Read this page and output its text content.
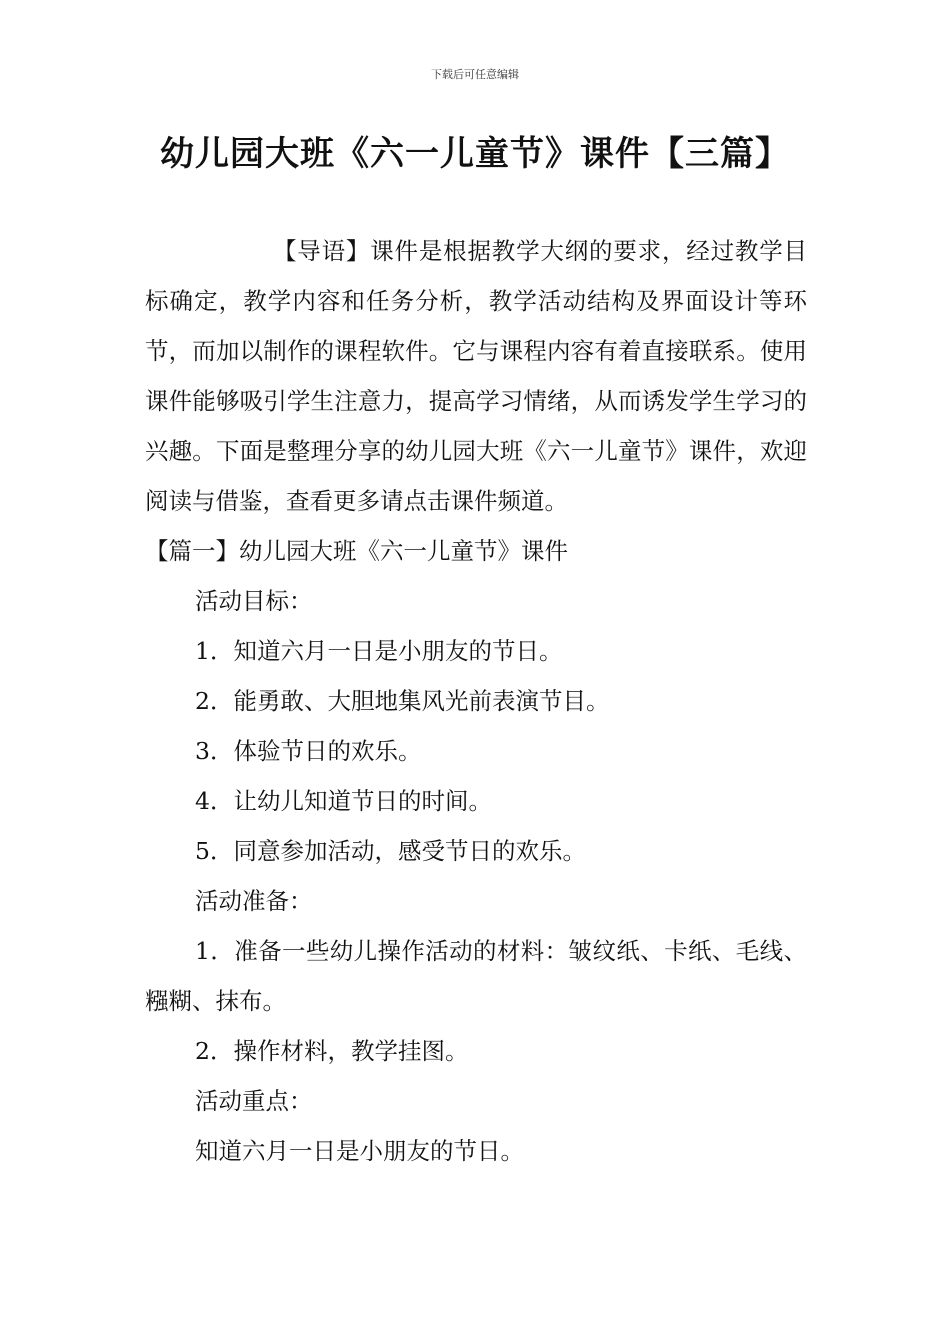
下载后可任意编辑
幼儿园大班《六一儿童节》课件【三篇】

【导语】课件是根据教学大纲的要求，经过教学目标确定，教学内容和任务分析，教学活动结构及界面设计等环节，而加以制作的课程软件。它与课程内容有着直接联系。使用课件能够吸引学生注意力，提高学习情绪，从而诱发学生学习的兴趣。下面是整理分享的幼儿园大班《六一儿童节》课件，欢迎阅读与借鉴，查看更多请点击课件频道。

【篇一】幼儿园大班《六一儿童节》课件

活动目标：

1．知道六月一日是小朋友的节日。

2．能勇敢、大胆地集风光前表演节目。

3．体验节日的欢乐。

4．让幼儿知道节日的时间。

5．同意参加活动，感受节日的欢乐。

活动准备：

1．准备一些幼儿操作活动的材料：皱纹纸、卡纸、毛线、糨糊、抹布。

2．操作材料，教学挂图。

活动重点：

知道六月一日是小朋友的节日。
